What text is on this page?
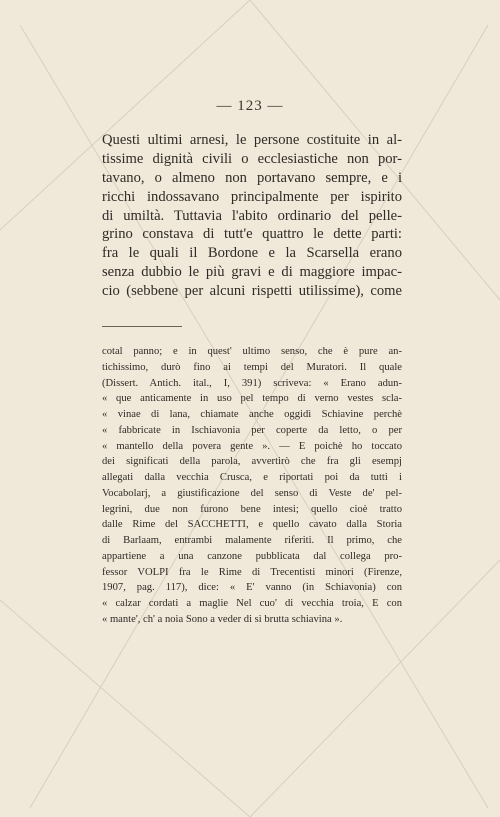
— 123 —
Questi ultimi arnesi, le persone costituite in al-
tissime dignità civili o ecclesiastiche non por-
tavano, o almeno non portavano sempre, e i
ricchi indossavano principalmente per ispirito
di umiltà. Tuttavia l'abito ordinario del pelle-
grino constava di tutt'e quattro le dette parti:
fra le quali il Bordone e la Scarsella erano
senza dubbio le più gravi e di maggiore impac-
cio (sebbene per alcuni rispetti utilissime), come
cotal panno; e in quest' ultimo senso, che è pure an-
tichissimo, durò fino ai tempi del Muratori. Il quale
(Dissert. Antich. ital., I, 391) scriveva: « Erano adun-
« que anticamente in uso pel tempo di verno vestes scla-
« vinae di lana, chiamate anche oggidì Schiavine perchè
« fabbricate in Ischiavonia per coperte da letto, o per
« mantello della povera gente ». — E poichè ho toccato
dei significati della parola, avvertirò che fra gli esempj
allegati dalla vecchia Crusca, e riportati poi da tutti i
Vocabolarj, a giustificazione del senso di Veste de' pel-
legrini, due non furono bene intesi; quello cioè tratto
dalle Rime del SACCHETTI, e quello cavato dalla Storia
di Barlaam, entrambi malamente riferiti. Il primo, che
appartiene a una canzone pubblicata dal collega pro-
fessor VOLPI fra le Rime di Trecentisti minori (Firenze,
1907, pag. 117), dice: « E' vanno (in Schiavonia) con
« calzar cordati a maglie Nel cuo' di vecchia troia, E con
« mante', ch' a noia Sono a veder di sì brutta schiavina ».
